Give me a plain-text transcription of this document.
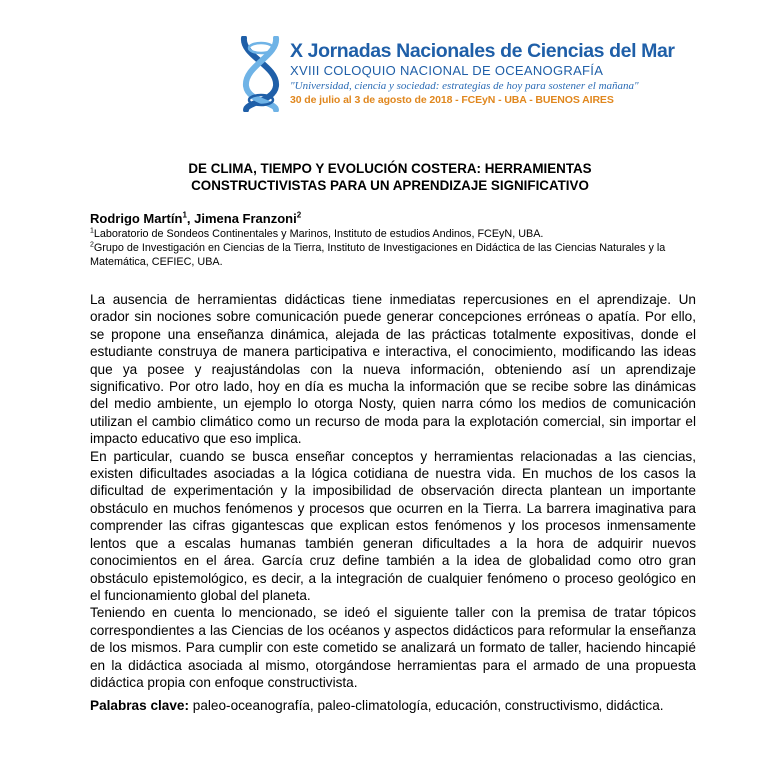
X Jornadas Nacionales de Ciencias del Mar
XVIII COLOQUIO NACIONAL DE OCEANOGRAFÍA
"Universidad, ciencia y sociedad: estrategias de hoy para sostener el mañana"
30 de julio al 3 de agosto de 2018 - FCEyN - UBA - BUENOS AIRES
DE CLIMA, TIEMPO Y EVOLUCIÓN COSTERA: HERRAMIENTAS
CONSTRUCTIVISTAS PARA UN APRENDIZAJE SIGNIFICATIVO
Rodrigo Martín$^1$, Jimena Franzoni$^2$
$^1$Laboratorio de Sondeos Continentales y Marinos, Instituto de estudios Andinos, FCEyN, UBA.
$^2$Grupo de Investigación en Ciencias de la Tierra, Instituto de Investigaciones en Didáctica de las Ciencias Naturales y la Matemática, CEFIEC, UBA.

La ausencia de herramientas didácticas tiene inmediatas repercusiones en el aprendizaje. Un orador sin nociones sobre comunicación puede generar concepciones erróneas o apatía. Por ello, se propone una enseñanza dinámica, alejada de las prácticas totalmente expositivas, donde el estudiante construya de manera participativa e interactiva, el conocimiento, modificando las ideas que ya posee y reajustándolas con la nueva información, obteniendo así un aprendizaje significativo. Por otro lado, hoy en día es mucha la información que se recibe sobre las dinámicas del medio ambiente, un ejemplo lo otorga Nosty, quien narra cómo los medios de comunicación utilizan el cambio climático como un recurso de moda para la explotación comercial, sin importar el impacto educativo que eso implica.

En particular, cuando se busca enseñar conceptos y herramientas relacionadas a las ciencias, existen dificultades asociadas a la lógica cotidiana de nuestra vida. En muchos de los casos la dificultad de experimentación y la imposibilidad de observación directa plantean un importante obstáculo en muchos fenómenos y procesos que ocurren en la Tierra. La barrera imaginativa para comprender las cifras gigantescas que explican estos fenómenos y los procesos inmensamente lentos que a escalas humanas también generan dificultades a la hora de adquirir nuevos conocimientos en el área. García cruz define también a la idea de globalidad como otro gran obstáculo epistemológico, es decir, a la integración de cualquier fenómeno o proceso geológico en el funcionamiento global del planeta.

Teniendo en cuenta lo mencionado, se ideó el siguiente taller con la premisa de tratar tópicos correspondientes a las Ciencias de los océanos y aspectos didácticos para reformular la enseñanza de los mismos. Para cumplir con este cometido se analizará un formato de taller, haciendo hincapié en la didáctica asociada al mismo, otorgándose herramientas para el armado de una propuesta didáctica propia con enfoque constructivista.

Palabras clave: paleo-oceanografía, paleo-climatología, educación, constructivismo, didáctica.
